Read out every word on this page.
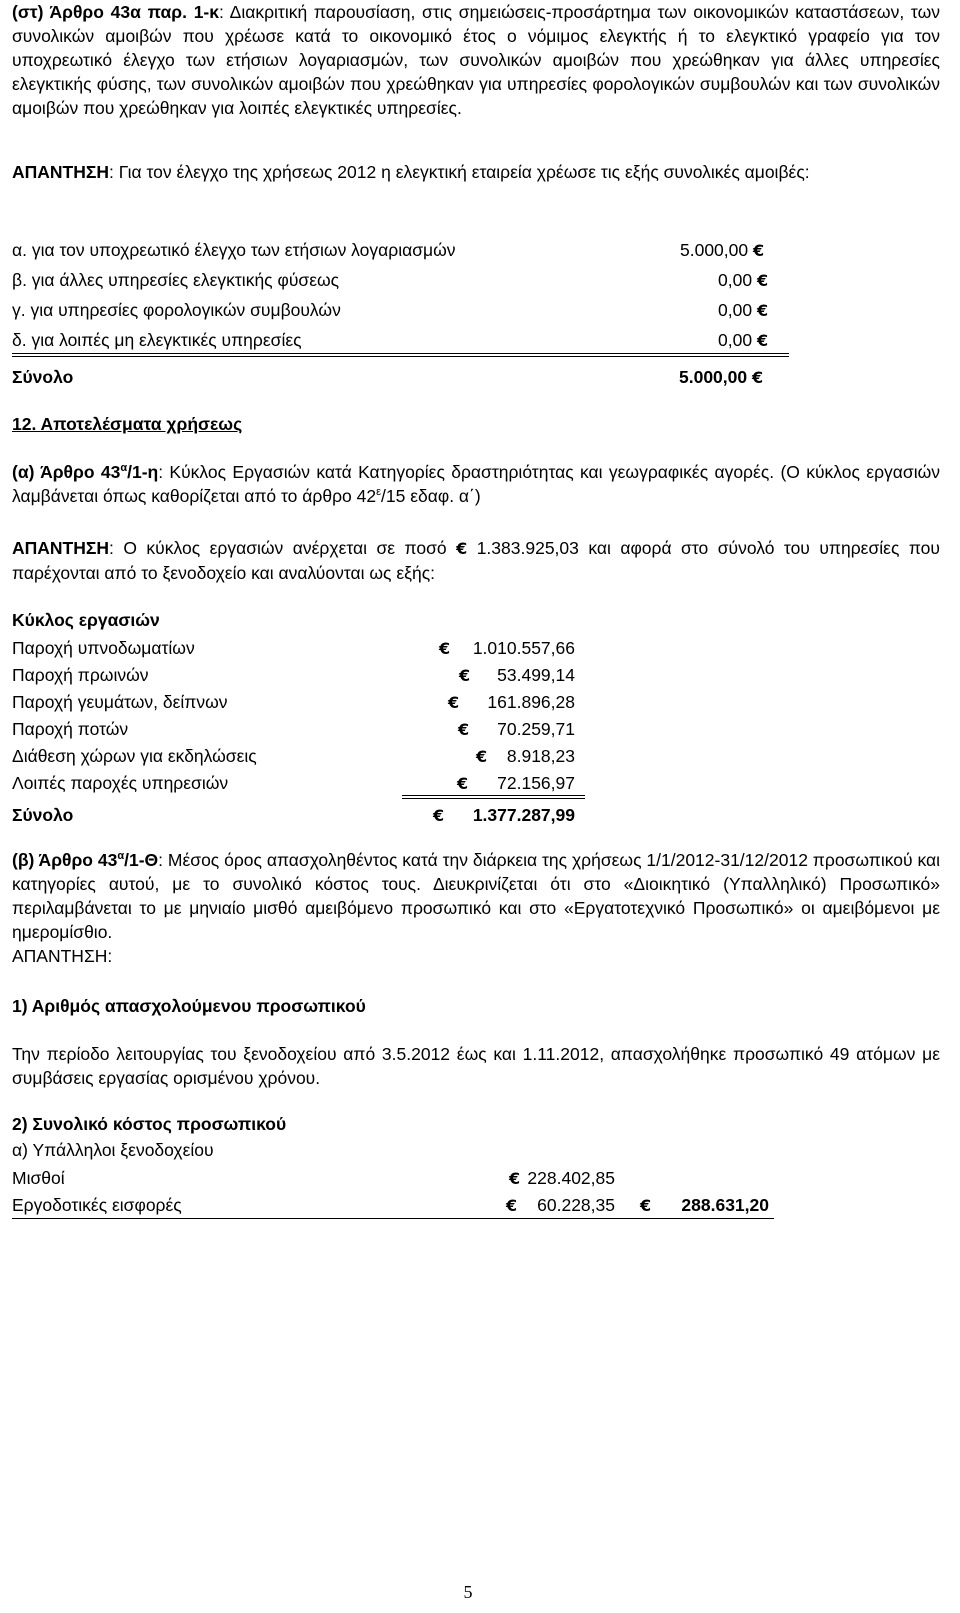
(στ) Άρθρο 43α παρ. 1-κ: Διακριτική παρουσίαση, στις σημειώσεις-προσάρτημα των οικονομικών καταστάσεων, των συνολικών αμοιβών που χρέωσε κατά το οικονομικό έτος ο νόμιμος ελεγκτής ή το ελεγκτικό γραφείο για τον υποχρεωτικό έλεγχο των ετήσιων λογαριασμών, των συνολικών αμοιβών που χρεώθηκαν για άλλες υπηρεσίες ελεγκτικής φύσης, των συνολικών αμοιβών που χρεώθηκαν για υπηρεσίες φορολογικών συμβουλών και των συνολικών αμοιβών που χρεώθηκαν για λοιπές ελεγκτικές υπηρεσίες.
ΑΠΑΝΤΗΣΗ: Για τον έλεγχο της χρήσεως 2012 η ελεγκτική εταιρεία χρέωσε τις εξής συνολικές αμοιβές:
α. για τον υποχρεωτικό έλεγχο των ετήσιων λογαριασμών	5.000,00 €
β. για άλλες υπηρεσίες ελεγκτικής φύσεως	0,00 €
γ. για υπηρεσίες φορολογικών συμβουλών	0,00 €
δ. για λοιπές μη ελεγκτικές υπηρεσίες	0,00 €
Σύνολο	5.000,00 €
12. Αποτελέσματα χρήσεως
(α) Άρθρο $43^\alpha/1-\eta$: Κύκλος Εργασιών κατά Κατηγορίες δραστηριότητας και γεωγραφικές αγορές. (Ο κύκλος εργασιών λαμβάνεται όπως καθορίζεται από το άρθρο $42^\varepsilon/15$ εδαφ. α΄)
ΑΠΑΝΤΗΣΗ: Ο κύκλος εργασιών ανέρχεται σε ποσό € 1.383.925,03 και αφορά στο σύνολό του υπηρεσίες που παρέχονται από το ξενοδοχείο και αναλύονται ως εξής:
Κύκλος εργασιών
Παροχή υπνοδωματίων	€ 1.010.557,66
Παροχή πρωινών	€ 53.499,14
Παροχή γευμάτων, δείπνων	€ 161.896,28
Παροχή ποτών	€ 70.259,71
Διάθεση χώρων για εκδηλώσεις	€ 8.918,23
Λοιπές παροχές υπηρεσιών	€ 72.156,97
Σύνολο	€ 1.377.287,99
(β) Άρθρο $43^\alpha/1-\Theta$: Μέσος όρος απασχοληθέντος κατά την διάρκεια της χρήσεως 1/1/2012-31/12/2012 προσωπικού και κατηγορίες αυτού, με το συνολικό κόστος τους. Διευκρινίζεται ότι στο «Διοικητικό (Υπαλληλικό) Προσωπικό» περιλαμβάνεται το με μηνιαίο μισθό αμειβόμενο προσωπικό και στο «Εργατοτεχνικό Προσωπικό» οι αμειβόμενοι με ημερομίσθιο.
ΑΠΑΝΤΗΣΗ:
1) Αριθμός απασχολούμενου προσωπικού
Την περίοδο λειτουργίας του ξενοδοχείου από 3.5.2012 έως και 1.11.2012, απασχολήθηκε προσωπικό 49 ατόμων με συμβάσεις εργασίας ορισμένου χρόνου.
2) Συνολικό κόστος προσωπικού
α) Υπάλληλοι ξενοδοχείου
Μισθοί	€ 228.402,85
Εργοδοτικές εισφορές	€ 60.228,35 € 288.631,20
5
